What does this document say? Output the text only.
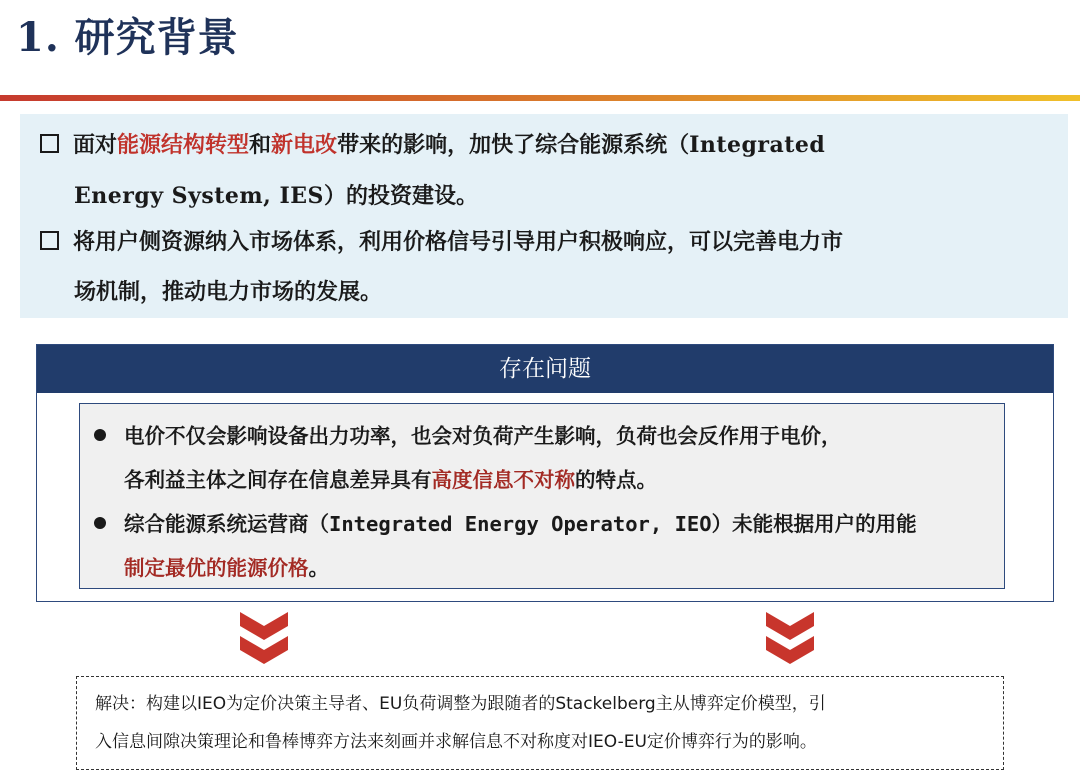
1. 研究背景
面对能源结构转型和新电改带来的影响，加快了综合能源系统（Integrated
Energy System, IES）的投资建设。
将用户侧资源纳入市场体系，利用价格信号引导用户积极响应，可以完善电力市
场机制，推动电力市场的发展。
存在问题
电价不仅会影响设备出力功率，也会对负荷产生影响，负荷也会反作用于电价，
各利益主体之间存在信息差异具有高度信息不对称的特点。
综合能源系统运营商（Integrated Energy Operator, IEO）未能根据用户的用能
制定最优的能源价格。
解决：构建以IEO为定价决策主导者、EU负荷调整为跟随者的Stackelberg主从博弈定价模型，引
入信息间隙决策理论和鲁棒博弈方法来刻画并求解信息不对称度对IEO-EU定价博弈行为的影响。
